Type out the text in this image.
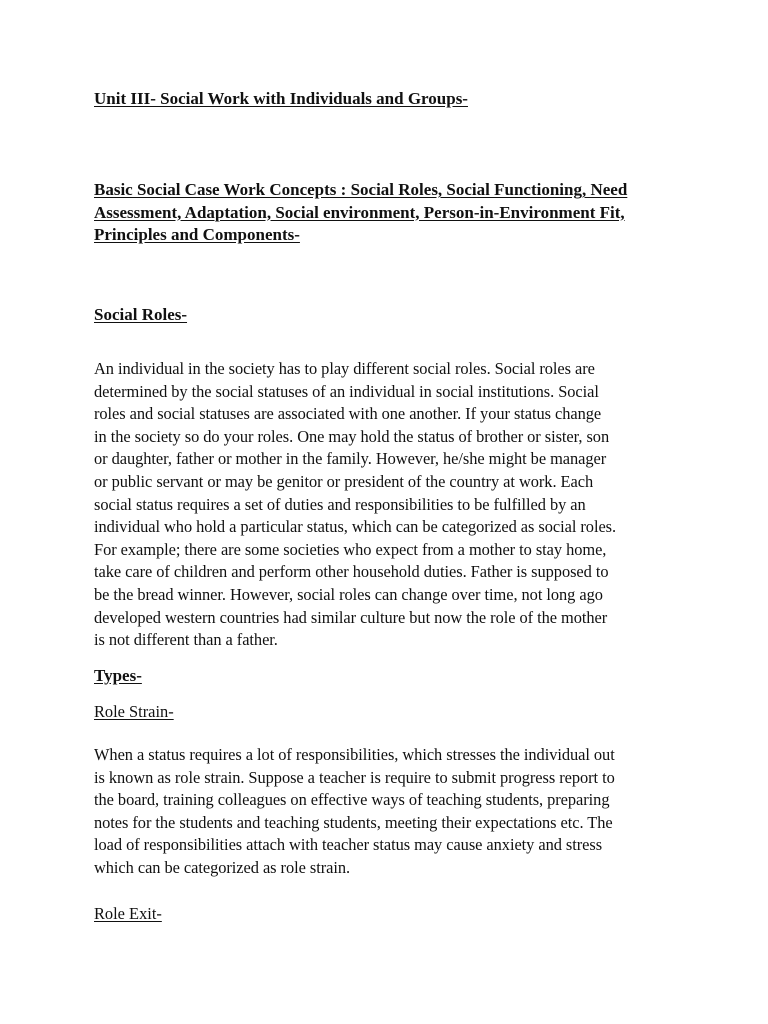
Unit III- Social Work with Individuals and Groups-
Basic Social Case Work Concepts : Social Roles, Social Functioning, Need
Assessment, Adaptation, Social environment, Person-in-Environment Fit,
Principles and Components-
Social Roles-

An individual in the society has to play different social roles. Social roles are
determined by the social statuses of an individual in social institutions. Social
roles and social statuses are associated with one another. If your status change
in the society so do your roles. One may hold the status of brother or sister, son
or daughter, father or mother in the family. However, he/she might be manager
or public servant or may be genitor or president of the country at work. Each
social status requires a set of duties and responsibilities to be fulfilled by an
individual who hold a particular status, which can be categorized as social roles.
For example; there are some societies who expect from a mother to stay home,
take care of children and perform other household duties. Father is supposed to
be the bread winner. However, social roles can change over time, not long ago
developed western countries had similar culture but now the role of the mother
is not different than a father.

Types-
Role Strain-

When a status requires a lot of responsibilities, which stresses the individual out
is known as role strain. Suppose a teacher is require to submit progress report to
the board, training colleagues on effective ways of teaching students, preparing
notes for the students and teaching students, meeting their expectations etc. The
load of responsibilities attach with teacher status may cause anxiety and stress
which can be categorized as role strain.

Role Exit-
